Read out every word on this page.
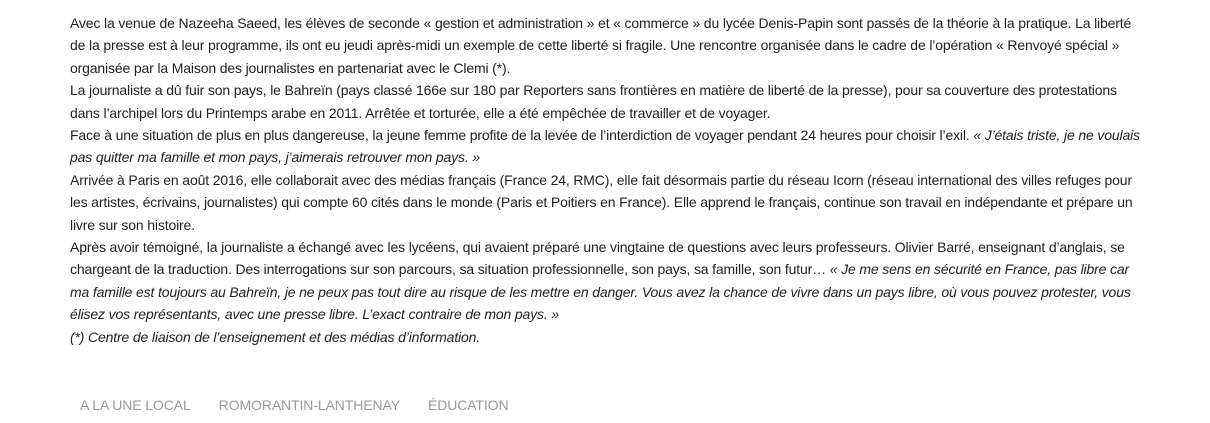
Avec la venue de Nazeeha Saeed, les élèves de seconde « gestion et administration » et « commerce » du lycée Denis-Papin sont passés de la théorie à la pratique. La liberté de la presse est à leur programme, ils ont eu jeudi après-midi un exemple de cette liberté si fragile. Une rencontre organisée dans le cadre de l’opération « Renvoyé spécial » organisée par la Maison des journalistes en partenariat avec le Clemi (*).

La journaliste a dû fuir son pays, le Bahreïn (pays classé 166e sur 180 par Reporters sans frontières en matière de liberté de la presse), pour sa couverture des protestations dans l’archipel lors du Printemps arabe en 2011. Arrêtée et torturée, elle a été empêchée de travailler et de voyager.

Face à une situation de plus en plus dangereuse, la jeune femme profite de la levée de l’interdiction de voyager pendant 24 heures pour choisir l’exil. « J’étais triste, je ne voulais pas quitter ma famille et mon pays, j’aimerais retrouver mon pays. »

Arrivée à Paris en août 2016, elle collaborait avec des médias français (France 24, RMC), elle fait désormais partie du réseau Icorn (réseau international des villes refuges pour les artistes, écrivains, journalistes) qui compte 60 cités dans le monde (Paris et Poitiers en France). Elle apprend le français, continue son travail en indépendante et prépare un livre sur son histoire.

Après avoir témoigné, la journaliste a échangé avec les lycéens, qui avaient préparé une vingtaine de questions avec leurs professeurs. Olivier Barré, enseignant d’anglais, se chargeant de la traduction. Des interrogations sur son parcours, sa situation professionnelle, son pays, sa famille, son futur… « Je me sens en sécurité en France, pas libre car ma famille est toujours au Bahreïn, je ne peux pas tout dire au risque de les mettre en danger. Vous avez la chance de vivre dans un pays libre, où vous pouvez protester, vous élisez vos représentants, avec une presse libre. L’exact contraire de mon pays. »

(*) Centre de liaison de l’enseignement et des médias d’information.

A LA UNE LOCAL ROMORANTIN-LANTHENAY ÉDUCATION
